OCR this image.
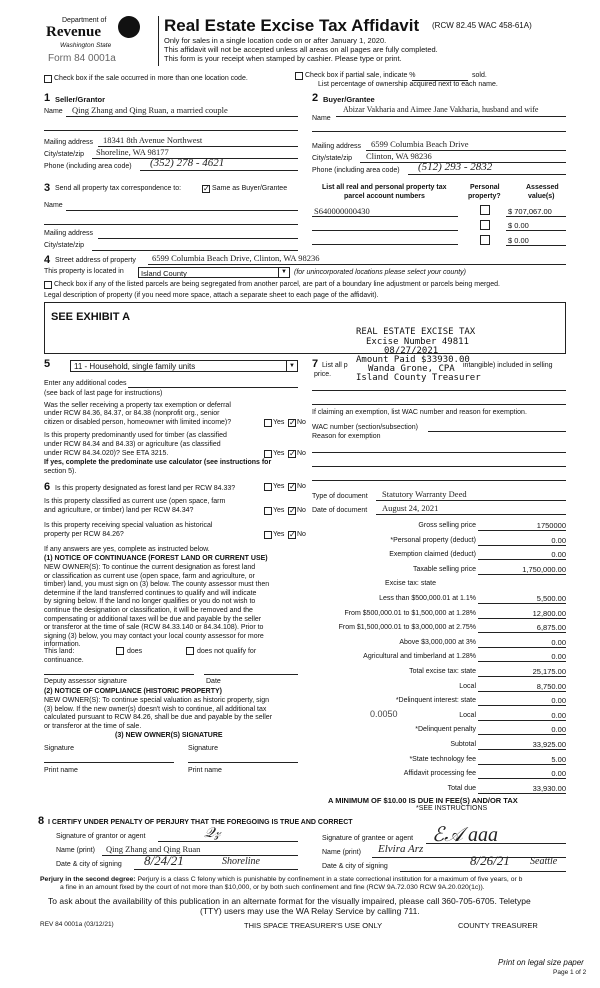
Department of
Revenue
Washington State
Form 84 0001a
Real Estate Excise Tax Affidavit (RCW 82.45 WAC 458-61A)
Only for sales in a single location code on or after January 1, 2020.
This affidavit will not be accepted unless all areas on all pages are fully completed.
This form is your receipt when stamped by cashier. Please type or print.
Check box if the sale occurred in more than one location code.	Check box if partial sale, indicate %	sold.
List percentage of ownership acquired next to each name.
1 Seller/Grantor
Name Qing Zhang and Qing Ruan, a married couple
Mailing address 18341 8th Avenue Northwest
City/state/zip Shoreline, WA 98177
Phone (including area code) (352) 278 - 4621
2 Buyer/Grantee
Name
Abizar Vakharia and Aimee Jane Vakharia, husband and wife
Mailing address 6599 Columbia Beach Drive
City/state/zip Clinton, WA 98236
Phone (including area code) (512) 293 - 2832
3 Send all property tax correspondence to:	✓ Same as Buyer/Grantee
Name
Mailing address
City/state/zip
List all real and personal property tax
parcel account numbers
Personal
property?
Assessed
value(s)
S640000000430	$ 707,067.00
$ 0.00
$ 0.00
4 Street address of property 6599 Columbia Beach Drive, Clinton, WA 98236
This property is located in Island County	▼ (for unincorporated locations please select your county)
Check box if any of the listed parcels are being segregated from another parcel, are part of a boundary line adjustment or parcels being merged.
Legal description of property (if you need more space, attach a separate sheet to each page of the affidavit).
SEE EXHIBIT A
REAL ESTATE EXCISE TAX
Excise Number 49811
08/27/2021
Amount Paid $33930.00
Wanda Grone, CPA
Island County Treasurer
5	11 - Household, single family units	▼
Enter any additional codes
(see back of last page for instructions)
Was the seller receiving a property tax exemption or deferral
under RCW 84.36, 84.37, or 84.38 (nonprofit org., senior
citizen or disabled person, homeowner with limited income)?	Yes ✓ No
Is this property predominantly used for timber (as classified
under RCW 84.34 and 84.33) or agriculture (as classified
under RCW 84.34.020)? See ETA 3215.	Yes ✓ No
If yes, complete the predominate use calculator (see instructions for
section 5).
6 Is this property designated as forest land per RCW 84.33?	Yes ✓ No
Is this property classified as current use (open space, farm
and agriculture, or timber) land per RCW 84.34?	Yes ✓ No
Is this property receiving special valuation as historical
property per RCW 84.26?	Yes ✓ No
If any answers are yes, complete as instructed below.
(1) NOTICE OF CONTINUANCE (FOREST LAND OR CURRENT USE)
NEW OWNER(S): To continue the current designation as forest land
or classification as current use (open space, farm and agriculture, or
timber) land, you must sign on (3) below. The county assessor must then
determine if the land transferred continues to qualify and will indicate
by signing below. If the land no longer qualifies or you do not wish to
continue the designation or classification, it will be removed and the
compensating or additional taxes will be due and payable by the seller
or transferor at the time of sale (RCW 84.33.140 or 84.34.108). Prior to
signing (3) below, you may contact your local county assessor for more
information.
This land:	does	does not qualify for
continuance.
Deputy assessor signature	Date
(2) NOTICE OF COMPLIANCE (HISTORIC PROPERTY)
NEW OWNER(S): To continue special valuation as historic property, sign
(3) below. If the new owner(s) doesn't wish to continue, all additional tax
calculated pursuant to RCW 84.26, shall be due and payable by the seller
or transferor at the time of sale.
(3) NEW OWNER(S) SIGNATURE
Signature	Signature
Print name	Print name
7 List all p
price.
intangible) included in selling
If claiming an exemption, list WAC number and reason for exemption.
WAC number (section/subsection)
Reason for exemption
Type of document Statutory Warranty Deed
Date of document August 24, 2021
Gross selling price	1750000
*Personal property (deduct)	0.00
Exemption claimed (deduct)	0.00
Taxable selling price	1,750,000.00
Excise tax: state
Less than $500,000.01 at 1.1%	5,500.00
From $500,000.01 to $1,500,000 at 1.28%	12,800.00
From $1,500,000.01 to $3,000,000 at 2.75%	6,875.00
Above $3,000,000 at 3%	0.00
Agricultural and timberland at 1.28%	0.00
Total excise tax: state	25,175.00
Local	8,750.00
*Delinquent interest: state	0.00
Local	0.00
*Delinquent penalty	0.00
Subtotal	33,925.00
*State technology fee	5.00
Affidavit processing fee	0.00
Total due	33,930.00
0.0050
A MINIMUM OF $10.00 IS DUE IN FEE(S) AND/OR TAX
*SEE INSTRUCTIONS
8 I CERTIFY UNDER PENALTY OF PERJURY THAT THE FOREGOING IS TRUE AND CORRECT
Signature of grantor or agent	𝒬𝓏
Name (print) Qing Zhang and Qing Ruan
Date & city of signing 8/24/21	Shoreline
Signature of grantee or agent ℰ𝒜 aaa
Name (print) Elvira Arz
Date & city of signing	8/26/21 Seattle
Perjury in the second degree: Perjury is a class C felony which is punishable by confinement in a state correctional institution for a maximum of five years, or b
a fine in an amount fixed by the court of not more than $10,000, or by both such confinement and fine (RCW 9A.72.030 RCW 9A.20.020(1c)).
To ask about the availability of this publication in an alternate format for the visually impaired, please call 360-705-6705. Teletype
(TTY) users may use the WA Relay Service by calling 711.
REV 84 0001a (03/12/21)	THIS SPACE TREASURER'S USE ONLY	COUNTY TREASURER
Print on legal size paper
Page 1 of 2
